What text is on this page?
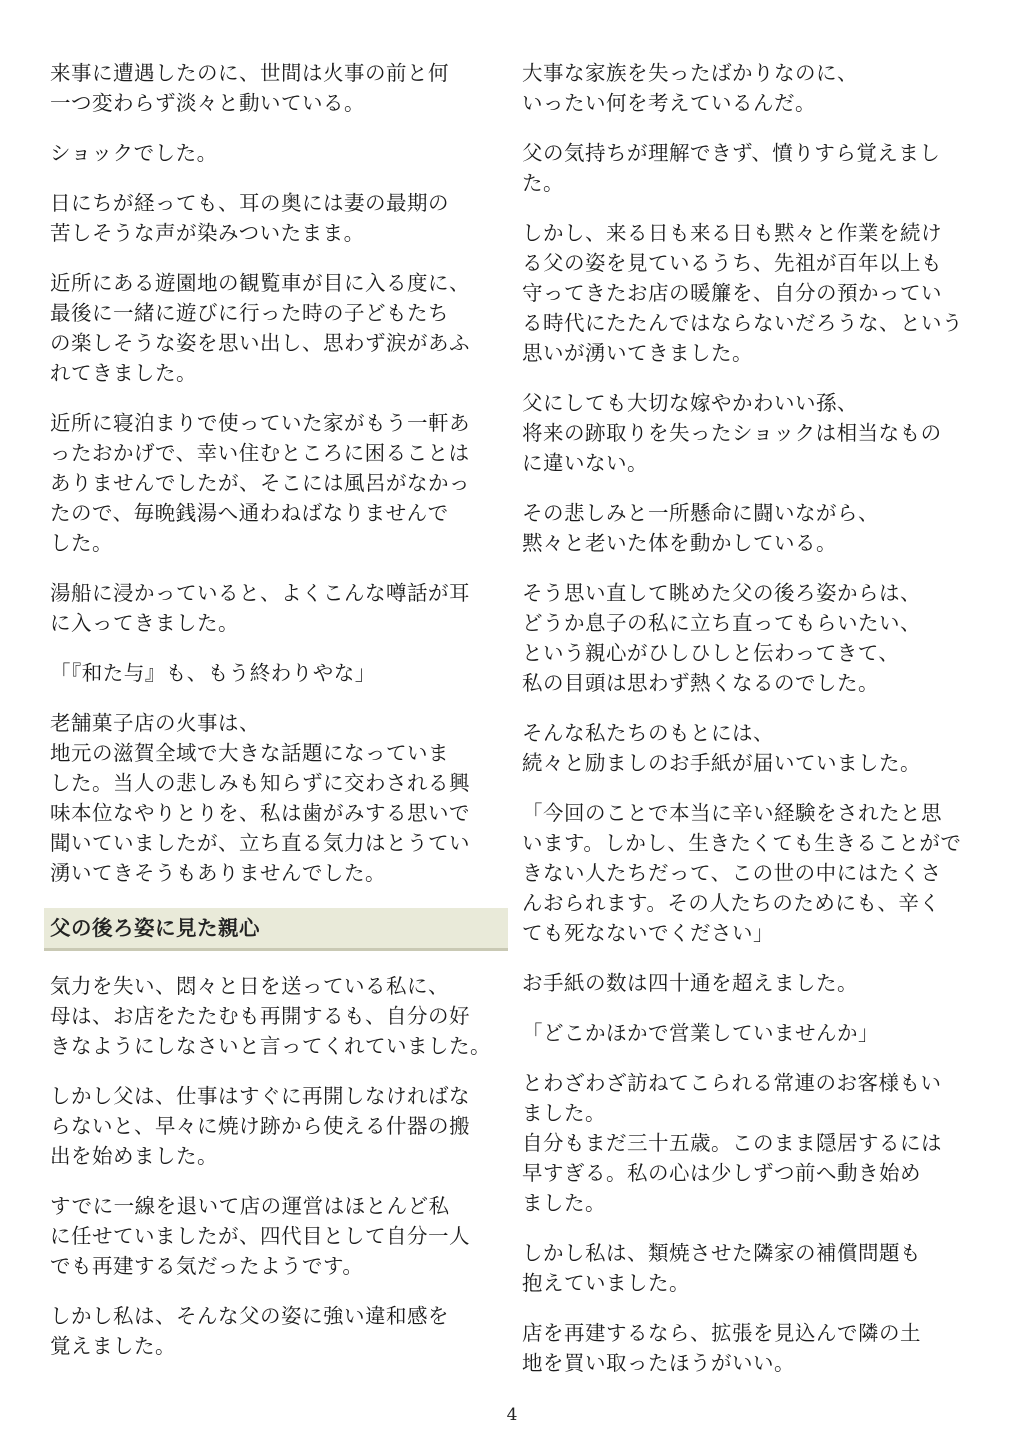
来事に遭遇したのに、世間は火事の前と何
一つ変わらず淡々と動いている。

ショックでした。

日にちが経っても、耳の奥には妻の最期の
苦しそうな声が染みついたまま。

近所にある遊園地の観覧車が目に入る度に、
最後に一緒に遊びに行った時の子どもたち
の楽しそうな姿を思い出し、思わず涙があふ
れてきました。

近所に寝泊まりで使っていた家がもう一軒あ
ったおかげで、幸い住むところに困ることは
ありませんでしたが、そこには風呂がなかっ
たので、毎晩銭湯へ通わねばなりませんで
した。

湯船に浸かっていると、よくこんな噂話が耳
に入ってきました。

「『和た与』も、もう終わりやな」

老舗菓子店の火事は、
地元の滋賀全域で大きな話題になっていま
した。当人の悲しみも知らずに交わされる興
味本位なやりとりを、私は歯がみする思いで
聞いていましたが、立ち直る気力はとうてい
湧いてきそうもありませんでした。

父の後ろ姿に見た親心

気力を失い、悶々と日を送っている私に、
母は、お店をたたむも再開するも、自分の好
きなようにしなさいと言ってくれていました。

しかし父は、仕事はすぐに再開しなければな
らないと、早々に焼け跡から使える什器の搬
出を始めました。

すでに一線を退いて店の運営はほとんど私
に任せていましたが、四代目として自分一人
でも再建する気だったようです。

しかし私は、そんな父の姿に強い違和感を
覚えました。

大事な家族を失ったばかりなのに、
いったい何を考えているんだ。

父の気持ちが理解できず、憤りすら覚えまし
た。

しかし、来る日も来る日も黙々と作業を続け
る父の姿を見ているうち、先祖が百年以上も
守ってきたお店の暖簾を、自分の預かってい
る時代にたたんではならないだろうな、という
思いが湧いてきました。

父にしても大切な嫁やかわいい孫、
将来の跡取りを失ったショックは相当なもの
に違いない。

その悲しみと一所懸命に闘いながら、
黙々と老いた体を動かしている。

そう思い直して眺めた父の後ろ姿からは、
どうか息子の私に立ち直ってもらいたい、
という親心がひしひしと伝わってきて、
私の目頭は思わず熱くなるのでした。

そんな私たちのもとには、
続々と励ましのお手紙が届いていました。

「今回のことで本当に辛い経験をされたと思
います。しかし、生きたくても生きることがで
きない人たちだって、この世の中にはたくさ
んおられます。その人たちのためにも、辛く
ても死なないでください」

お手紙の数は四十通を超えました。

「どこかほかで営業していませんか」

とわざわざ訪ねてこられる常連のお客様もい
ました。
自分もまだ三十五歳。このまま隠居するには
早すぎる。私の心は少しずつ前へ動き始め
ました。

しかし私は、類焼させた隣家の補償問題も
抱えていました。

店を再建するなら、拡張を見込んで隣の土
地を買い取ったほうがいい。

4
